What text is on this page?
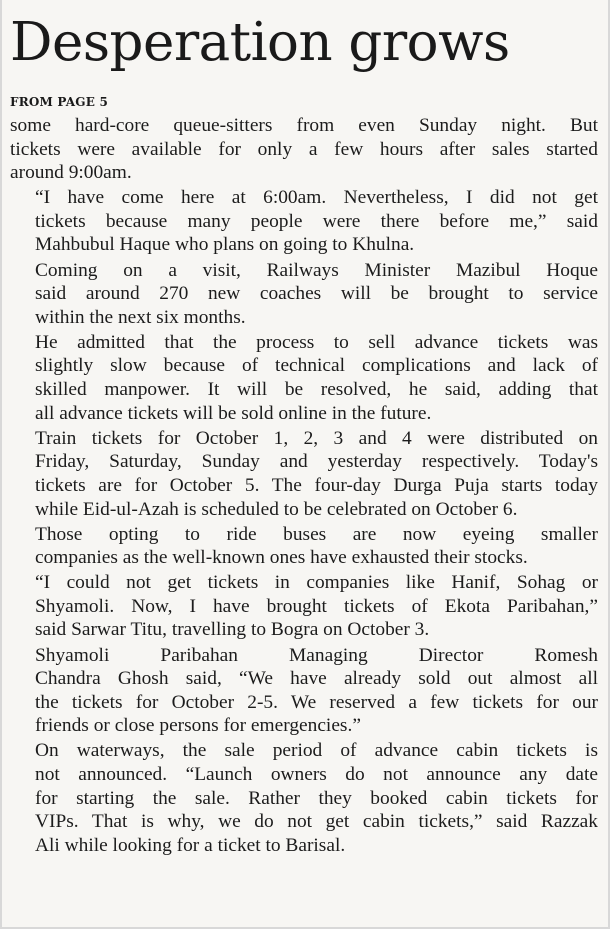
Desperation grows
FROM PAGE 5
some hard-core queue-sitters from even Sunday night. But
tickets were available for only a few hours after sales started
around 9:00am.
“I have come here at 6:00am. Nevertheless, I did not get
tickets because many people were there before me,” said
Mahbubul Haque who plans on going to Khulna.
Coming on a visit, Railways Minister Mazibul Hoque
said around 270 new coaches will be brought to service
within the next six months.
He admitted that the process to sell advance tickets was
slightly slow because of technical complications and lack of
skilled manpower. It will be resolved, he said, adding that
all advance tickets will be sold online in the future.
Train tickets for October 1, 2, 3 and 4 were distributed on
Friday, Saturday, Sunday and yesterday respectively. Today's
tickets are for October 5. The four-day Durga Puja starts today
while Eid-ul-Azah is scheduled to be celebrated on October 6.
Those opting to ride buses are now eyeing smaller
companies as the well-known ones have exhausted their stocks.
“I could not get tickets in companies like Hanif, Sohag or
Shyamoli. Now, I have brought tickets of Ekota Paribahan,”
said Sarwar Titu, travelling to Bogra on October 3.
Shyamoli Paribahan Managing Director Romesh
Chandra Ghosh said, “We have already sold out almost all
the tickets for October 2-5. We reserved a few tickets for our
friends or close persons for emergencies.”
On waterways, the sale period of advance cabin tickets is
not announced. “Launch owners do not announce any date
for starting the sale. Rather they booked cabin tickets for
VIPs. That is why, we do not get cabin tickets,” said Razzak
Ali while looking for a ticket to Barisal.
